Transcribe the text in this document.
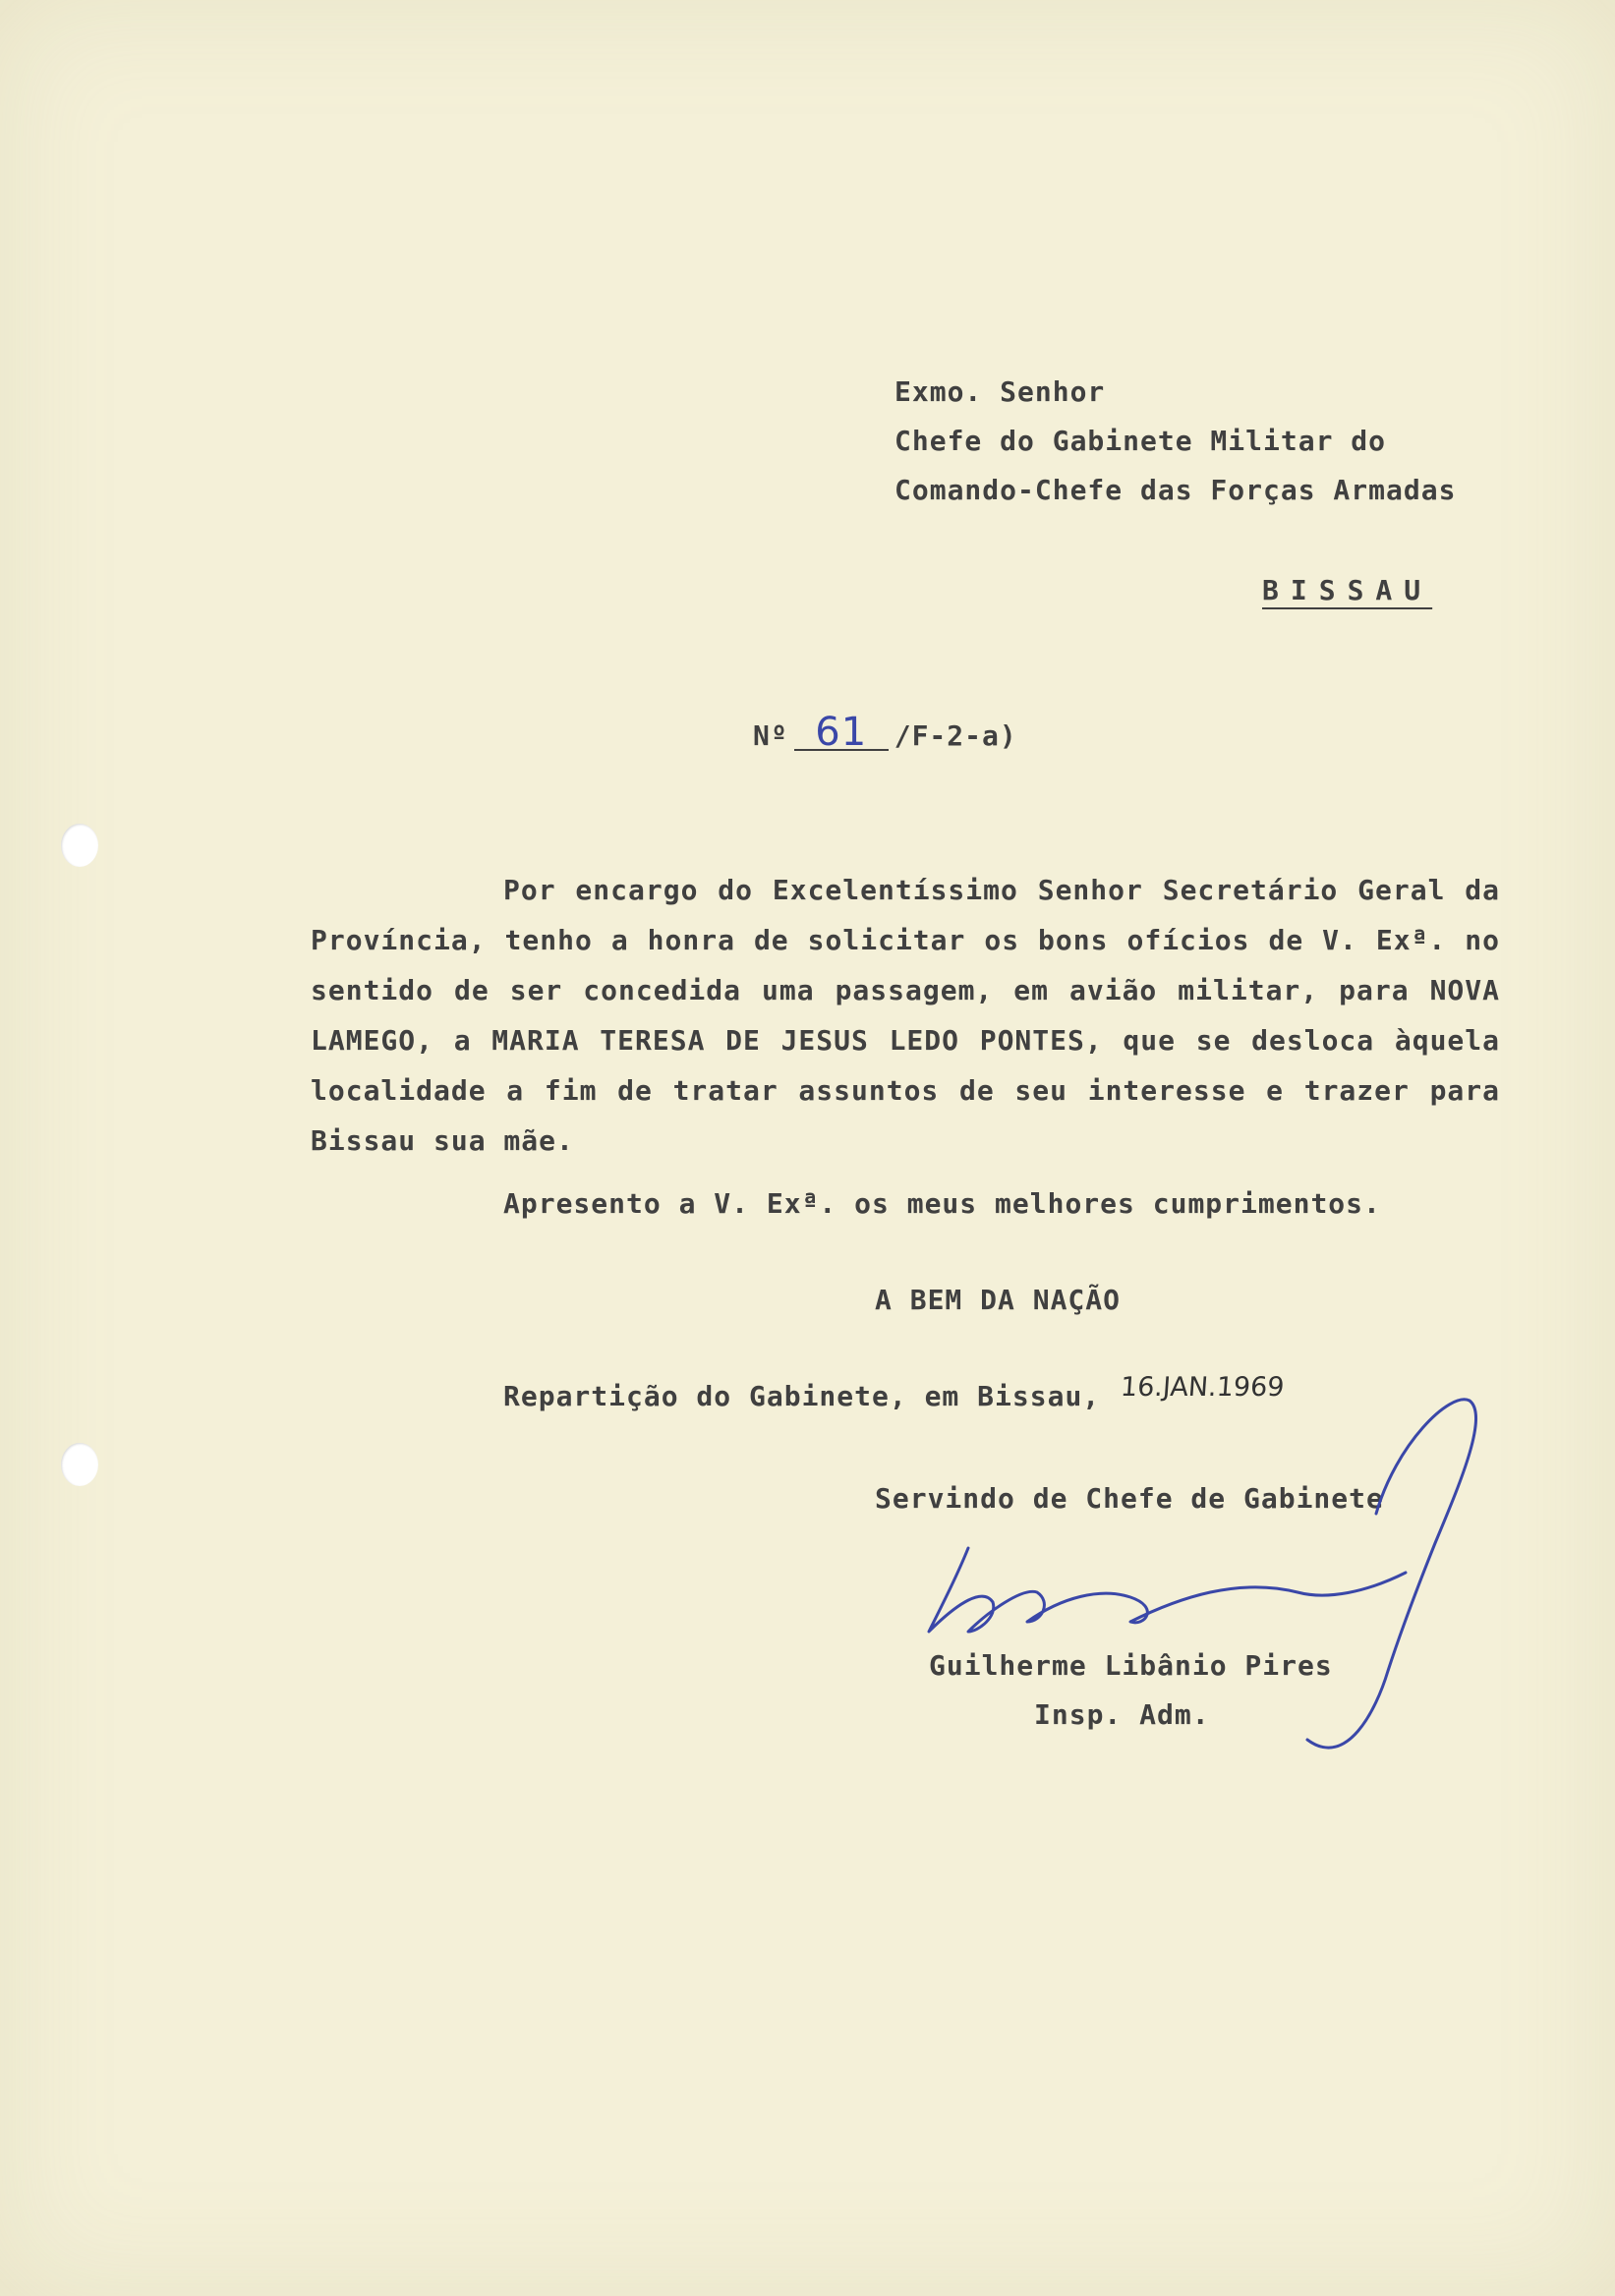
Exmo. Senhor
Chefe do Gabinete Militar do
Comando-Chefe das Forças Armadas
BISSAU
Nº 61 /F-2-a)
Por encargo do Excelentíssimo Senhor Secretário Geral da
Província, tenho a honra de solicitar os bons ofícios de V. Exª. no
sentido de ser concedida uma passagem, em avião militar, para NOVA
LAMEGO, a MARIA TERESA DE JESUS LEDO PONTES, que se desloca àquela
localidade a fim de tratar assuntos de seu interesse e trazer para
Bissau sua mãe.
Apresento a V. Exª. os meus melhores cumprimentos.
A BEM DA NAÇÃO
Repartição do Gabinete, em Bissau, 16.JAN.1969
Servindo de Chefe de Gabinete
Guilherme Libânio Pires
Insp. Adm.
